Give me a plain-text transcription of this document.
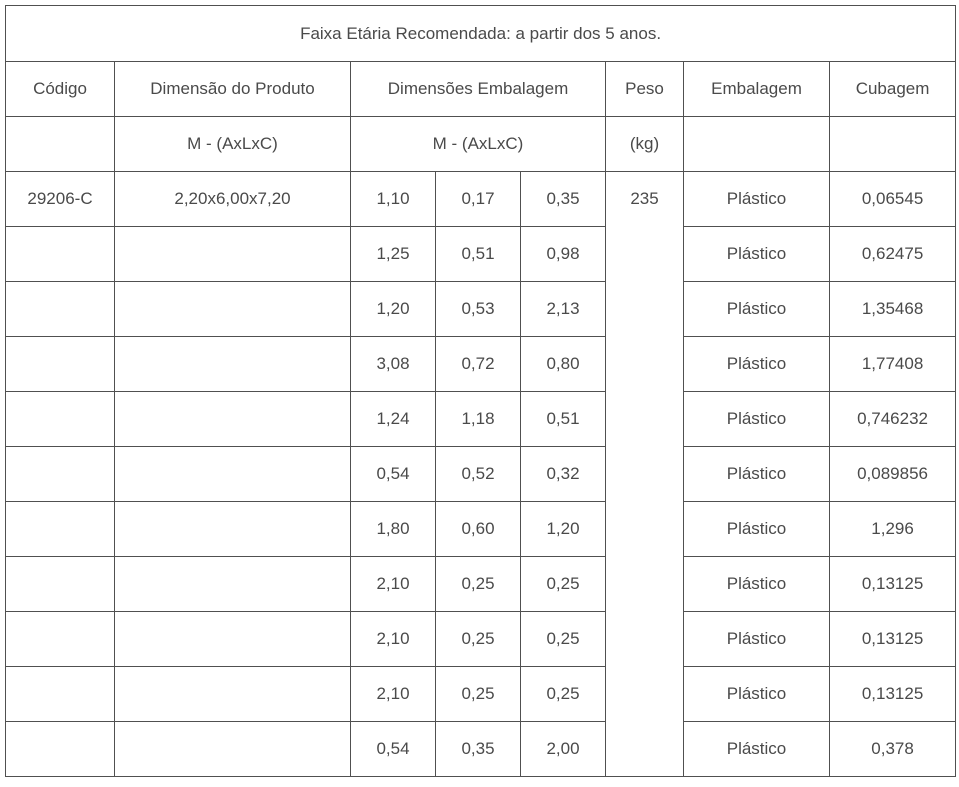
Faixa Etária Recomendada: a partir dos 5 anos.							
Código	Dimensão do Produto	Dimensões Embalagem			Peso	Embalagem	Cubagem
	M - (AxLxC)	M - (AxLxC)			(kg)		
29206-C	2,20x6,00x7,20	1,10	0,17	0,35	235	Plástico	0,06545
		1,25	0,51	0,98		Plástico	0,62475
		1,20	0,53	2,13		Plástico	1,35468
		3,08	0,72	0,80		Plástico	1,77408
		1,24	1,18	0,51		Plástico	0,746232
		0,54	0,52	0,32		Plástico	0,089856
		1,80	0,60	1,20		Plástico	1,296
		2,10	0,25	0,25		Plástico	0,13125
		2,10	0,25	0,25		Plástico	0,13125
		2,10	0,25	0,25		Plástico	0,13125
		0,54	0,35	2,00		Plástico	0,378
